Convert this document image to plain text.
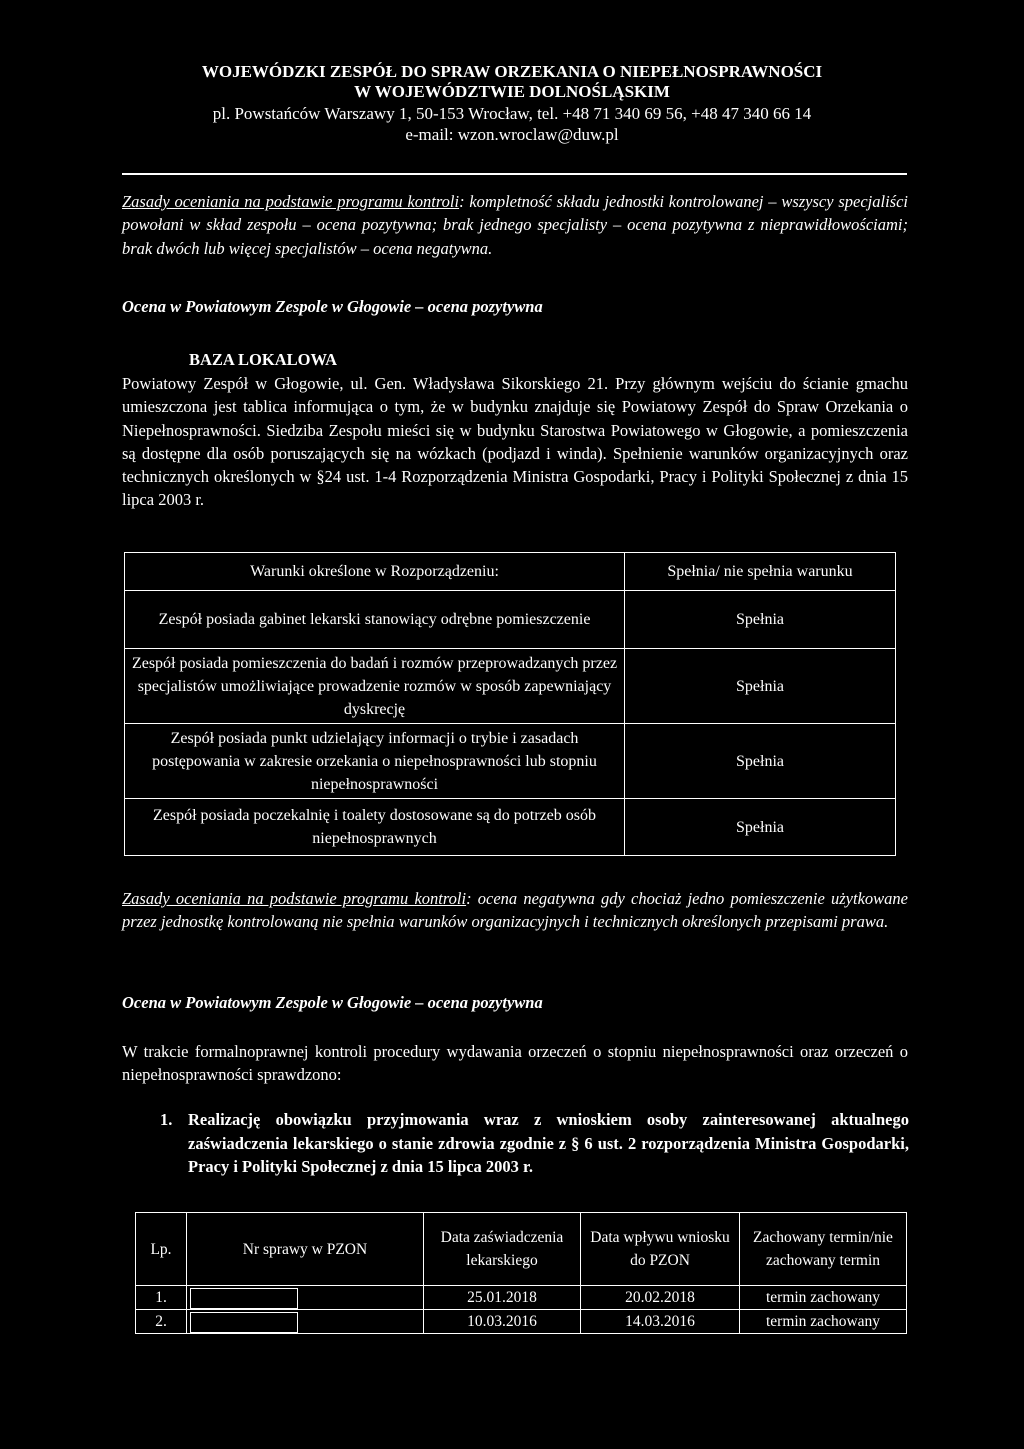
WOJEWÓDZKI ZESPÓŁ DO SPRAW ORZEKANIA O NIEPEŁNOSPRAWNOŚCI
W WOJEWÓDZTWIE DOLNOŚLĄSKIM
pl. Powstańców Warszawy 1, 50-153 Wrocław, tel. +48 71 340 69 56, +48 47 340 66 14
e-mail: wzon.wroclaw@duw.pl
Zasady oceniania na podstawie programu kontroli: kompletność składu jednostki kontrolowanej – wszyscy specjaliści powołani w skład zespołu – ocena pozytywna; brak jednego specjalisty – ocena pozytywna z nieprawidłowościami; brak dwóch lub więcej specjalistów – ocena negatywna.
Ocena w Powiatowym Zespole w Głogowie – ocena pozytywna
BAZA LOKALOWA
Powiatowy Zespół w Głogowie, ul. Gen. Władysława Sikorskiego 21. Przy głównym wejściu do ścianie gmachu umieszczona jest tablica informująca o tym, że w budynku znajduje się Powiatowy Zespół do Spraw Orzekania o Niepełnosprawności. Siedziba Zespołu mieści się w budynku Starostwa Powiatowego w Głogowie, a pomieszczenia są dostępne dla osób poruszających się na wózkach (podjazd i winda). Spełnienie warunków organizacyjnych oraz technicznych określonych w §24 ust. 1-4 Rozporządzenia Ministra Gospodarki, Pracy i Polityki Społecznej z dnia 15 lipca 2003 r.
Warunki określone w Rozporządzeniu:	Spełnia/ nie spełnia warunku
Zespół posiada gabinet lekarski stanowiący odrębne pomieszczenie	Spełnia
Zespół posiada pomieszczenia do badań i rozmów przeprowadzanych przez specjalistów umożliwiające prowadzenie rozmów w sposób zapewniający dyskrecję	Spełnia
Zespół posiada punkt udzielający informacji o trybie i zasadach postępowania w zakresie orzekania o niepełnosprawności lub stopniu niepełnosprawności	Spełnia
Zespół posiada poczekalnię i toalety dostosowane są do potrzeb osób niepełnosprawnych	Spełnia
Zasady oceniania na podstawie programu kontroli: ocena negatywna gdy chociaż jedno pomieszczenie użytkowane przez jednostkę kontrolowaną nie spełnia warunków organizacyjnych i technicznych określonych przepisami prawa.
Ocena w Powiatowym Zespole w Głogowie – ocena pozytywna
W trakcie formalnoprawnej kontroli procedury wydawania orzeczeń o stopniu niepełnosprawności oraz orzeczeń o niepełnosprawności sprawdzono:
1. Realizację obowiązku przyjmowania wraz z wnioskiem osoby zainteresowanej aktualnego zaświadczenia lekarskiego o stanie zdrowia zgodnie z § 6 ust. 2 rozporządzenia Ministra Gospodarki, Pracy i Polityki Społecznej z dnia 15 lipca 2003 r.
Lp.	Nr sprawy w PZON	Data zaświadczenia lekarskiego	Data wpływu wniosku do PZON	Zachowany termin/nie zachowany termin
1.		25.01.2018	20.02.2018	termin zachowany
2.		10.03.2016	14.03.2016	termin zachowany
